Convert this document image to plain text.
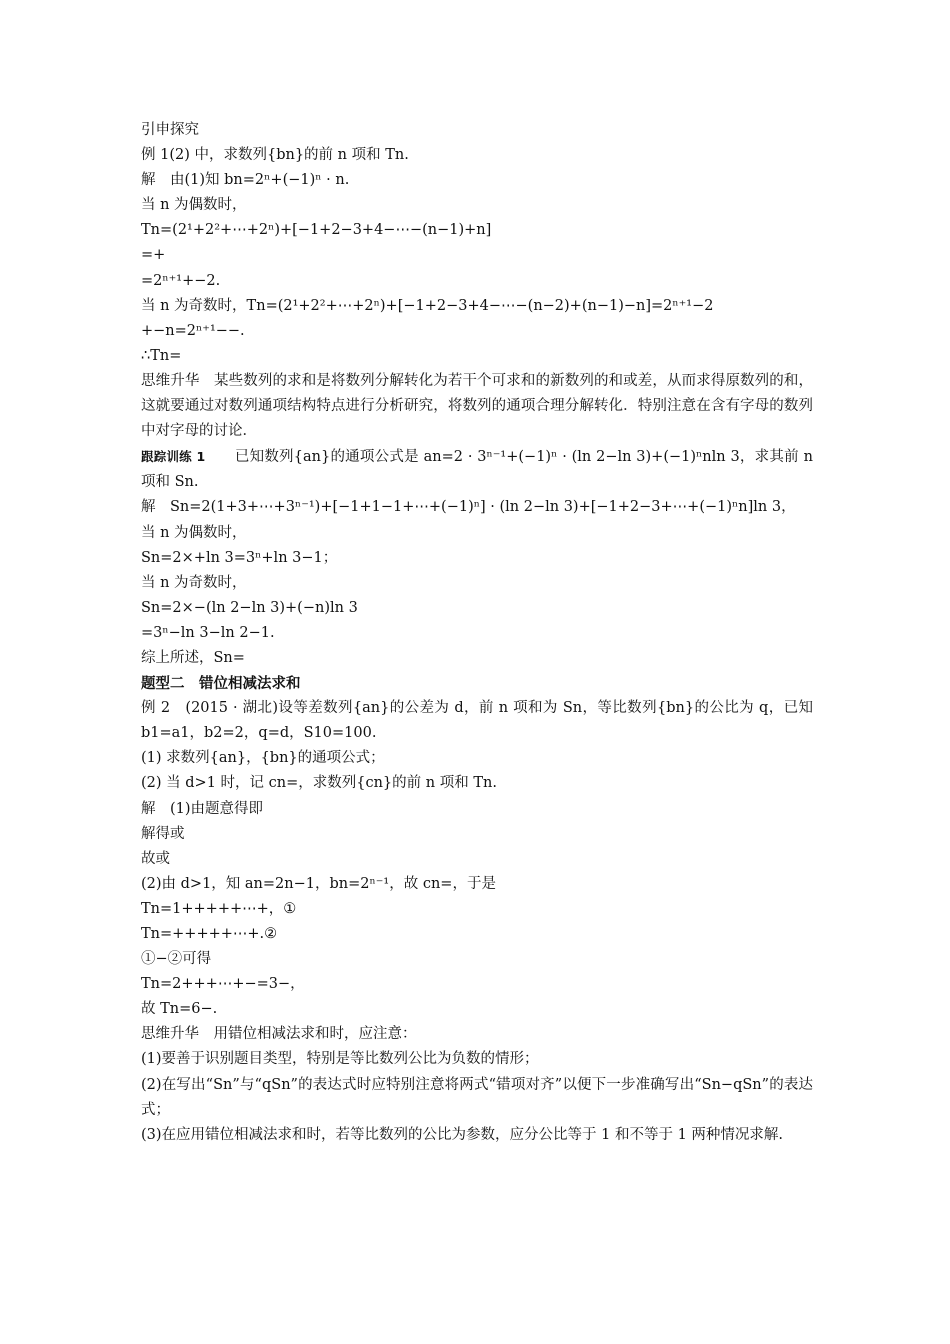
引申探究
例 1(2) 中，求数列{bn}的前 n 项和 Tn.
解　由(1)知 bn=2ⁿ+(−1)ⁿ · n.
当 n 为偶数时，
Tn=(2¹+2²+⋯+2ⁿ)+[−1+2−3+4−⋯−(n−1)+n]
=+
=2ⁿ⁺¹+−2.
当 n 为奇数时，Tn=(2¹+2²+⋯+2ⁿ)+[−1+2−3+4−⋯−(n−2)+(n−1)−n]=2ⁿ⁺¹−2
+−n=2ⁿ⁺¹−−.
∴Tn=
思维升华　某些数列的求和是将数列分解转化为若干个可求和的新数列的和或差，从而求得原数列的和，这就要通过对数列通项结构特点进行分析研究，将数列的通项合理分解转化．特别注意在含有字母的数列中对字母的讨论．
跟踪训练 1　　 已知数列{an}的通项公式是 an=2 · 3ⁿ⁻¹+(−1)ⁿ · (ln 2−ln 3)+(−1)ⁿnln 3，求其前 n 项和 Sn.
解　Sn=2(1+3+⋯+3ⁿ⁻¹)+[−1+1−1+⋯+(−1)ⁿ] · (ln 2−ln 3)+[−1+2−3+⋯+(−1)ⁿn]ln 3，
当 n 为偶数时，
Sn=2×+ln 3=3ⁿ+ln 3−1；
当 n 为奇数时，
Sn=2×−(ln 2−ln 3)+(−n)ln 3
=3ⁿ−ln 3−ln 2−1.
综上所述，Sn=
题型二　错位相减法求和
例 2　(2015 · 湖北)设等差数列{an}的公差为 d，前 n 项和为 Sn，等比数列{bn}的公比为 q，已知 b1=a1，b2=2，q=d，S10=100.
(1) 求数列{an}，{bn}的通项公式；
(2) 当 d>1 时，记 cn=，求数列{cn}的前 n 项和 Tn.
解　(1)由题意得即
解得或
故或
(2)由 d>1，知 an=2n−1，bn=2ⁿ⁻¹，故 cn=，于是
Tn=1+++++⋯+，①
Tn=+++++⋯+.②
①−②可得
Tn=2+++⋯+−=3−，
故 Tn=6−.
思维升华　用错位相减法求和时，应注意：
(1)要善于识别题目类型，特别是等比数列公比为负数的情形；
(2)在写出“Sn”与“qSn”的表达式时应特别注意将两式“错项对齐”以便下一步准确写出“Sn−qSn”的表达式；
(3)在应用错位相减法求和时，若等比数列的公比为参数，应分公比等于 1 和不等于 1 两种情况求解.
